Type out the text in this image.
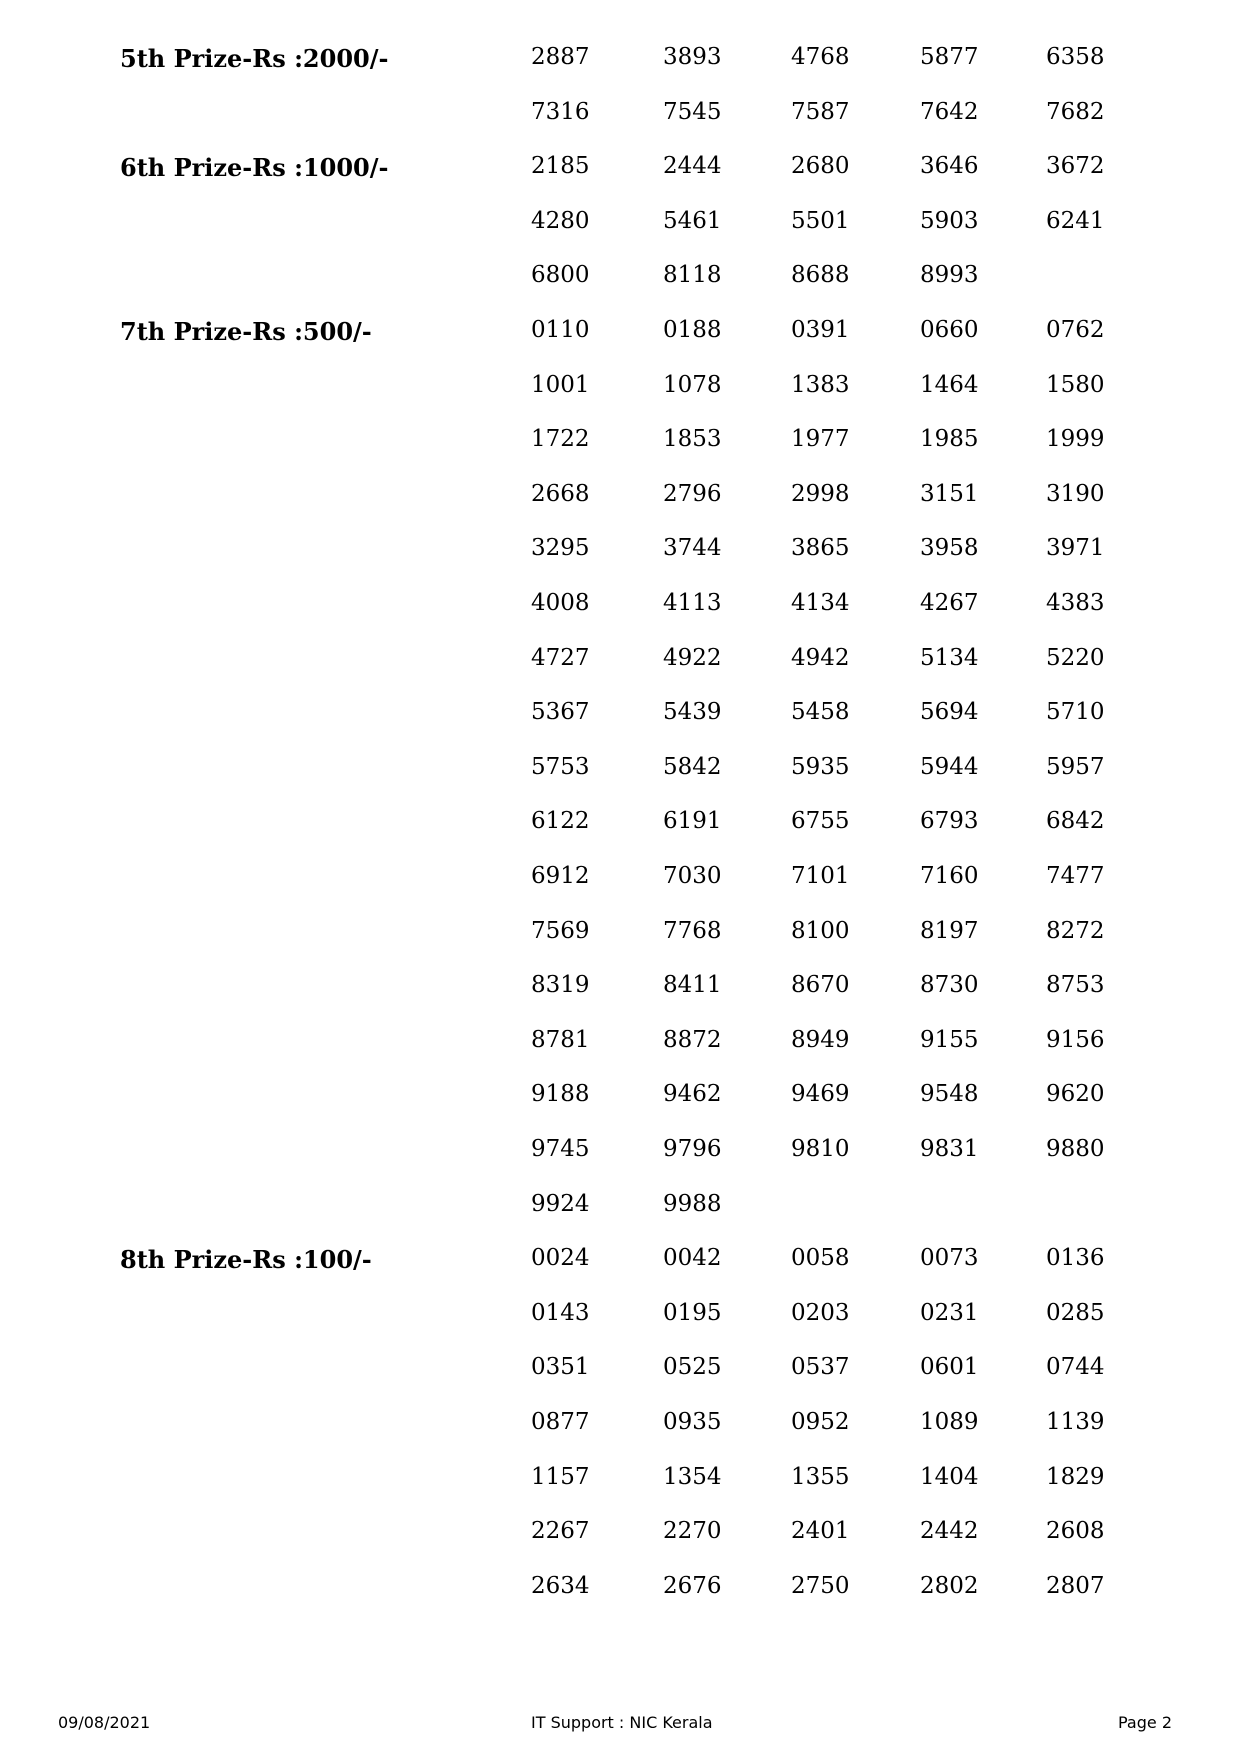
5th Prize-Rs :2000/-	2887	3893	4768	5877	6358
7316	7545	7587	7642	7682
6th Prize-Rs :1000/-	2185	2444	2680	3646	3672
4280	5461	5501	5903	6241
6800	8118	8688	8993
7th Prize-Rs :500/-	0110	0188	0391	0660	0762
1001	1078	1383	1464	1580
1722	1853	1977	1985	1999
2668	2796	2998	3151	3190
3295	3744	3865	3958	3971
4008	4113	4134	4267	4383
4727	4922	4942	5134	5220
5367	5439	5458	5694	5710
5753	5842	5935	5944	5957
6122	6191	6755	6793	6842
6912	7030	7101	7160	7477
7569	7768	8100	8197	8272
8319	8411	8670	8730	8753
8781	8872	8949	9155	9156
9188	9462	9469	9548	9620
9745	9796	9810	9831	9880
9924	9988
8th Prize-Rs :100/-	0024	0042	0058	0073	0136
0143	0195	0203	0231	0285
0351	0525	0537	0601	0744
0877	0935	0952	1089	1139
1157	1354	1355	1404	1829
2267	2270	2401	2442	2608
2634	2676	2750	2802	2807
09/08/2021	IT Support : NIC Kerala	Page 2
